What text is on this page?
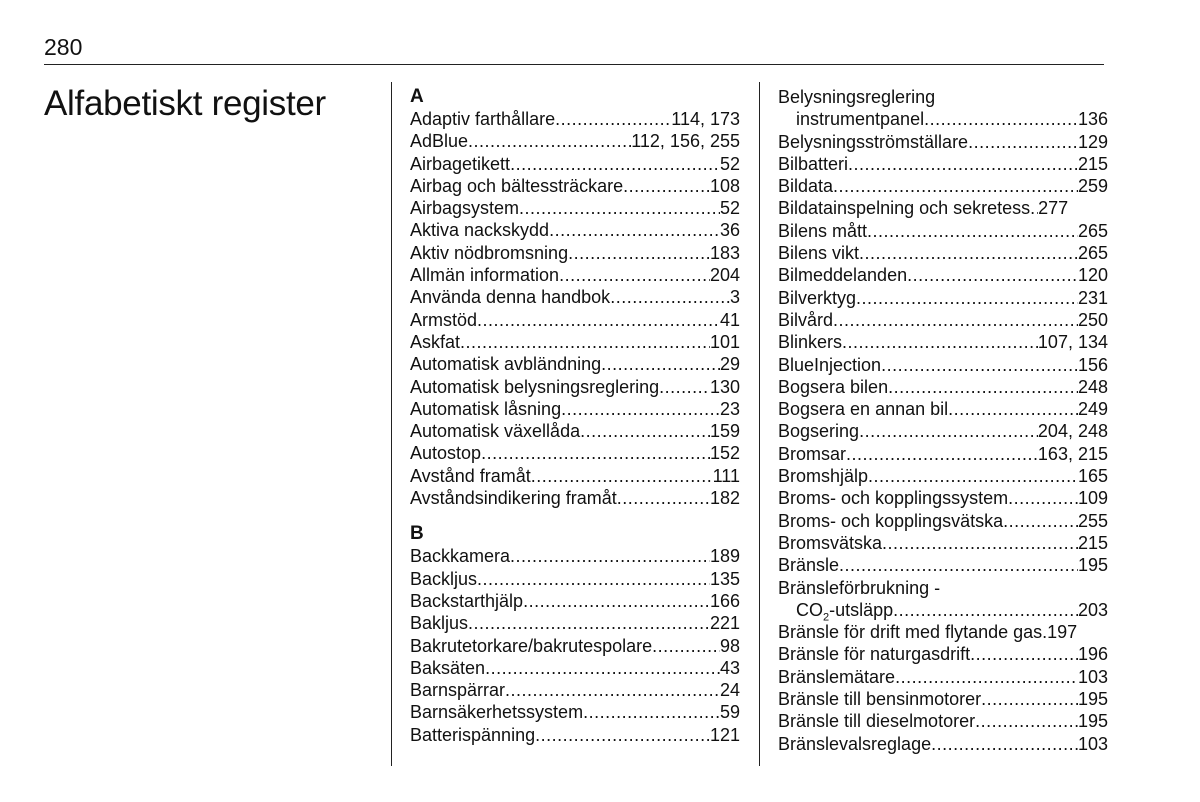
280
Alfabetiskt register	A
Adaptiv farthållare .....	114, 173
AdBlue .....	112, 156, 255
Airbagetikett .....	52
Airbag och bältessträckare .....	108
Airbagsystem .....	52
Aktiva nackskydd .....	36
Aktiv nödbromsning .....	183
Allmän information .....	204
Använda denna handbok .....	3
Armstöd .....	41
Askfat .....	101
Automatisk avbländning .....	29
Automatisk belysningsreglering .....	130
Automatisk låsning .....	23
Automatisk växellåda .....	159
Autostop .....	152
Avstånd framåt .....	111
Avståndsindikering framåt .....	182
B
Backkamera .....	189
Backljus .....	135
Backstarthjälp .....	166
Bakljus .....	221
Bakrutetorkare/bakrutespolare .....	98
Baksäten .....	43
Barnspärrar .....	24
Barnsäkerhetssystem .....	59
Batterispänning .....	121
Belysningsreglering
instrumentpanel .....	136
Belysningsströmställare .....	129
Bilbatteri .....	215
Bildata .....	259
Bildatainspelning och sekretess ..... 277
Bilens mått .....	265
Bilens vikt .....	265
Bilmeddelanden .....	120
Bilverktyg .....	231
Bilvård .....	250
Blinkers .....	107, 134
BlueInjection .....	156
Bogsera bilen .....	248
Bogsera en annan bil .....	249
Bogsering .....	204, 248
Bromsar .....	163, 215
Bromshjälp .....	165
Broms- och kopplingssystem .....	109
Broms- och kopplingsvätska .....	255
Bromsvätska .....	215
Bränsle .....	195
Bränsleförbrukning -
$CO_2$-utsläpp .....	203
Bränsle för drift med flytande gas ..... 197
Bränsle för naturgasdrift .....	196
Bränslemätare .....	103
Bränsle till bensinmotorer .....	195
Bränsle till dieselmotorer .....	195
Bränslevalsreglage .....	103
